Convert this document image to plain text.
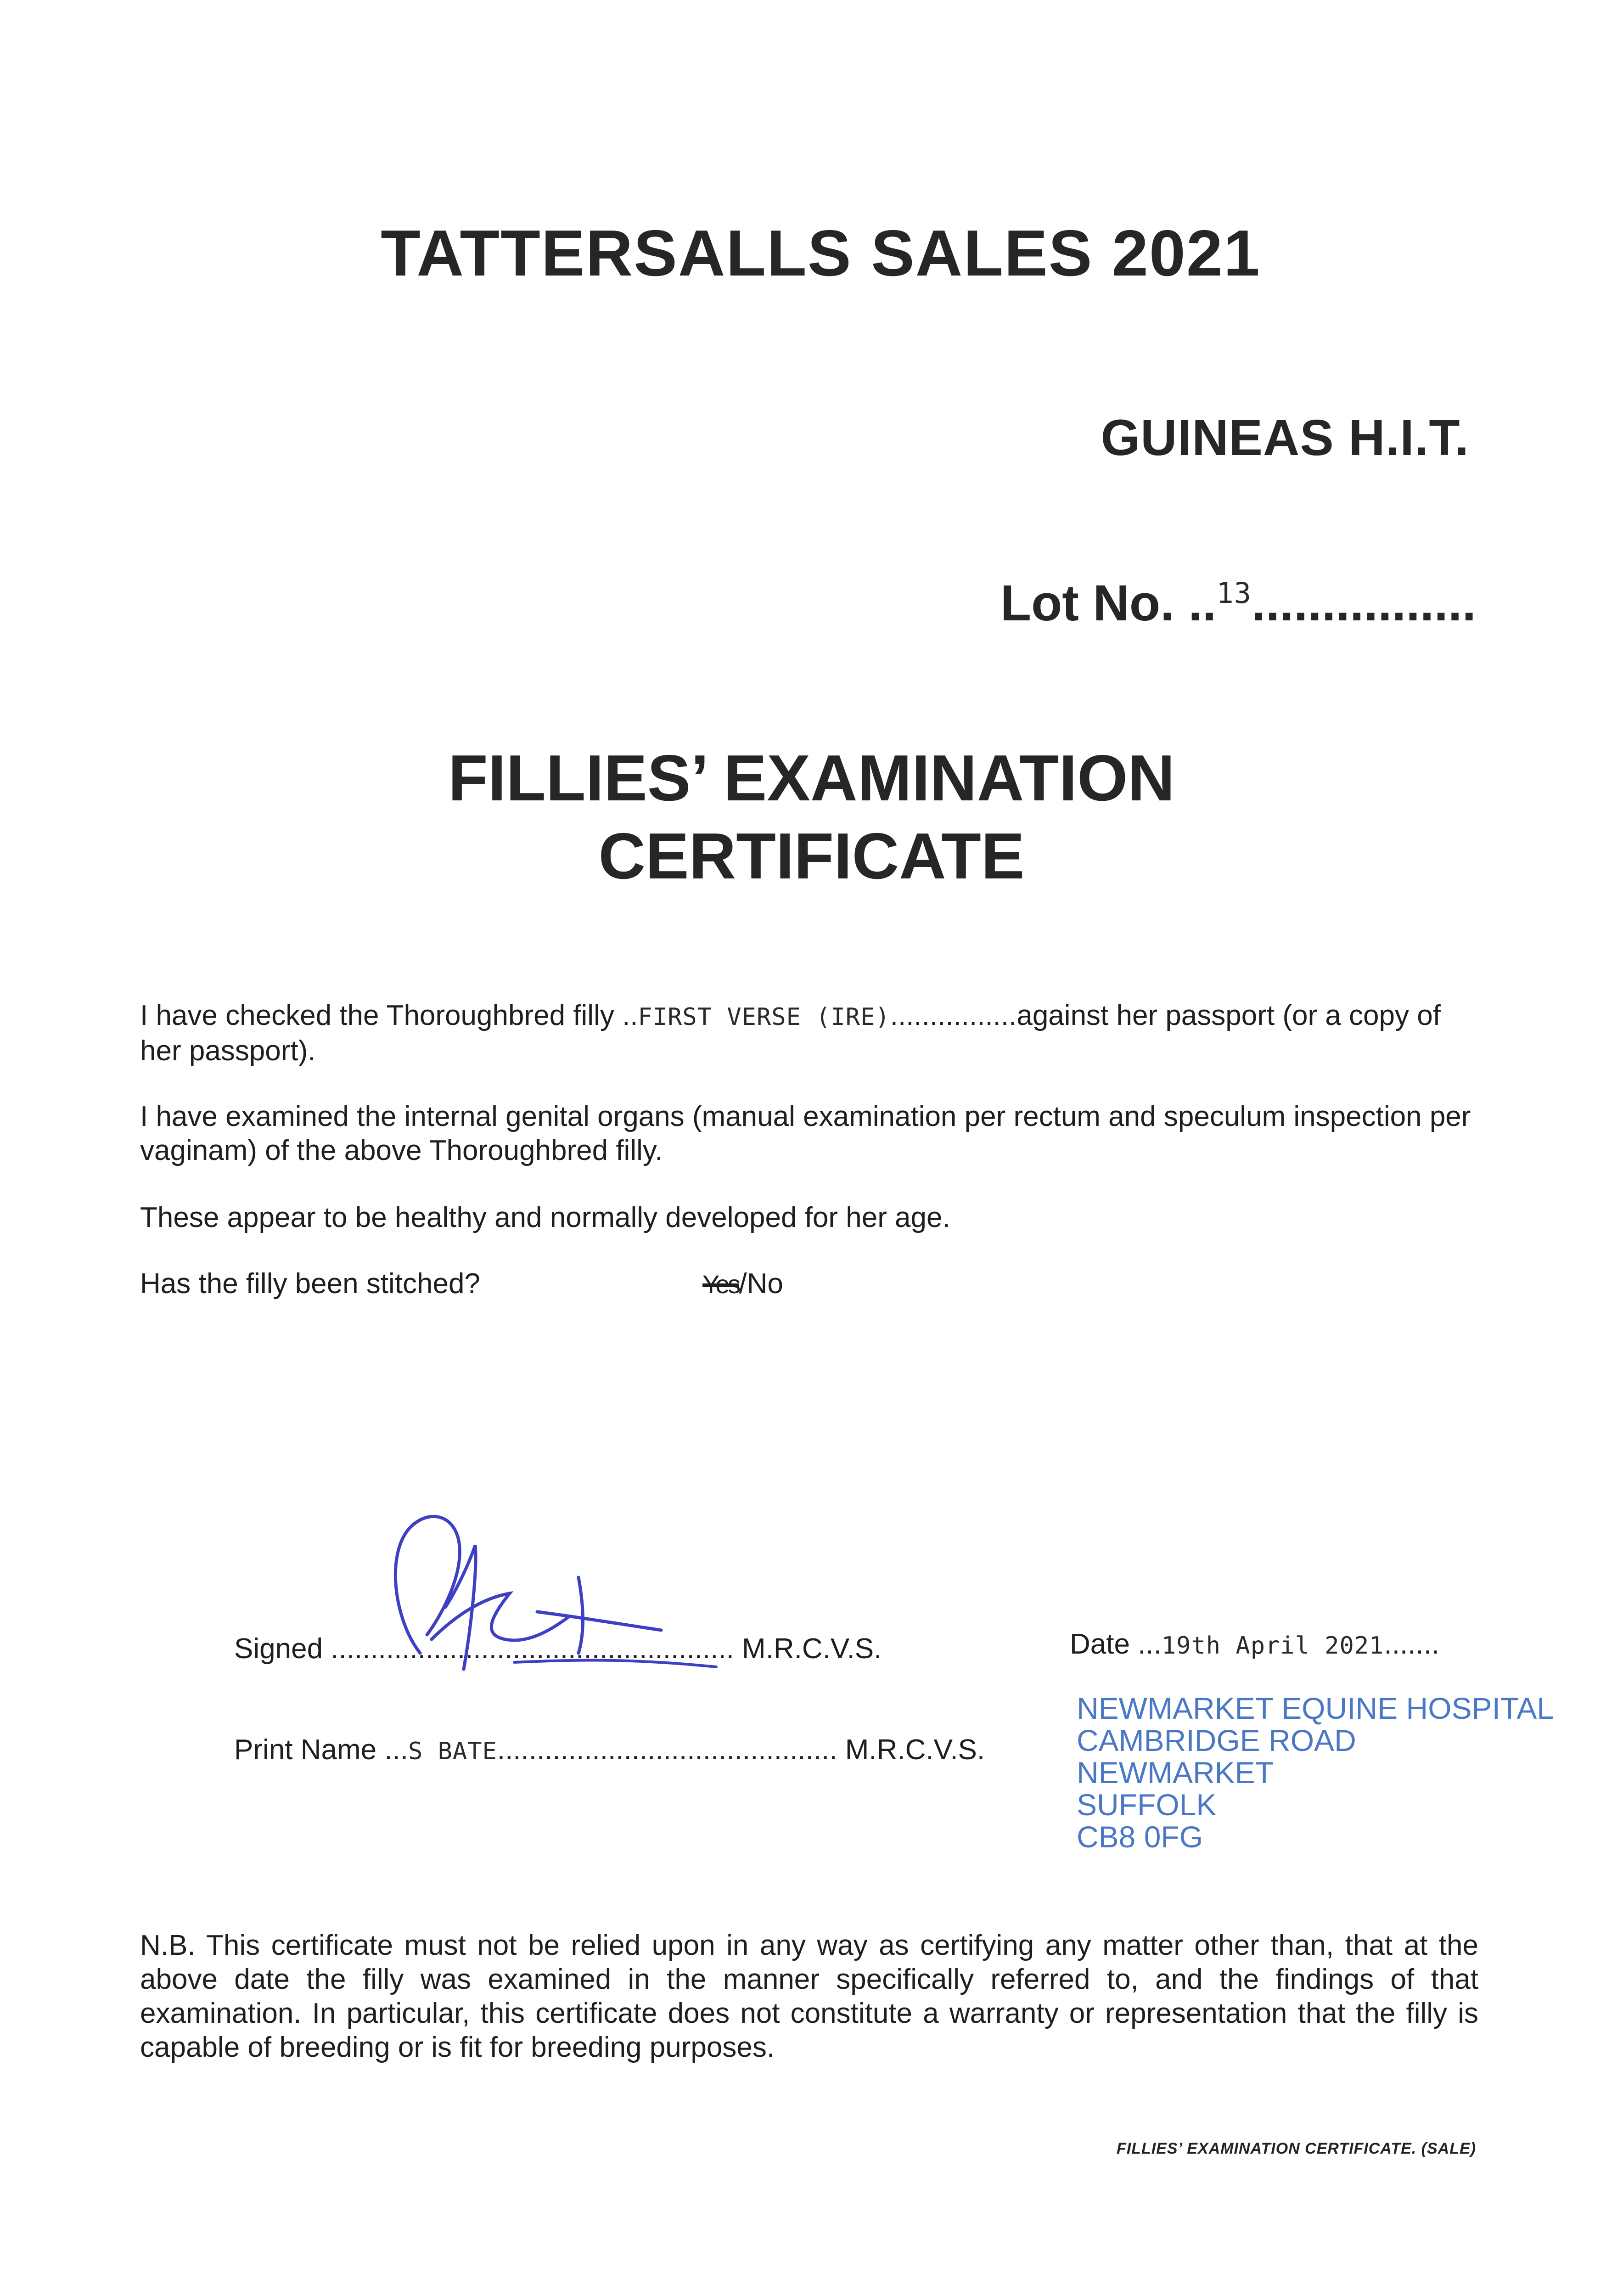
TATTERSALLS SALES 2021
GUINEAS H.I.T.
Lot No. ..$^{13}$................
FILLIES’ EXAMINATION
CERTIFICATE
I have checked the Thoroughbred filly ..FIRST VERSE (IRE)................against her passport (or a copy of her passport).
I have examined the internal genital organs (manual examination per rectum and speculum inspection per vaginam) of the above Thoroughbred filly.
These appear to be healthy and normally developed for her age.
Has the filly been stitched?	Yes/No
Signed ................................................... M.R.C.V.S.	Date ...19th April 2021.......
Print Name ...S BATE........................................... M.R.C.V.S.
NEWMARKET EQUINE HOSPITAL
CAMBRIDGE ROAD
NEWMARKET
SUFFOLK
CB8 0FG
N.B. This certificate must not be relied upon in any way as certifying any matter other than, that at the above date the filly was examined in the manner specifically referred to, and the findings of that examination. In particular, this certificate does not constitute a warranty or representation that the filly is capable of breeding or is fit for breeding purposes.
FILLIES’ EXAMINATION CERTIFICATE. (SALE)
